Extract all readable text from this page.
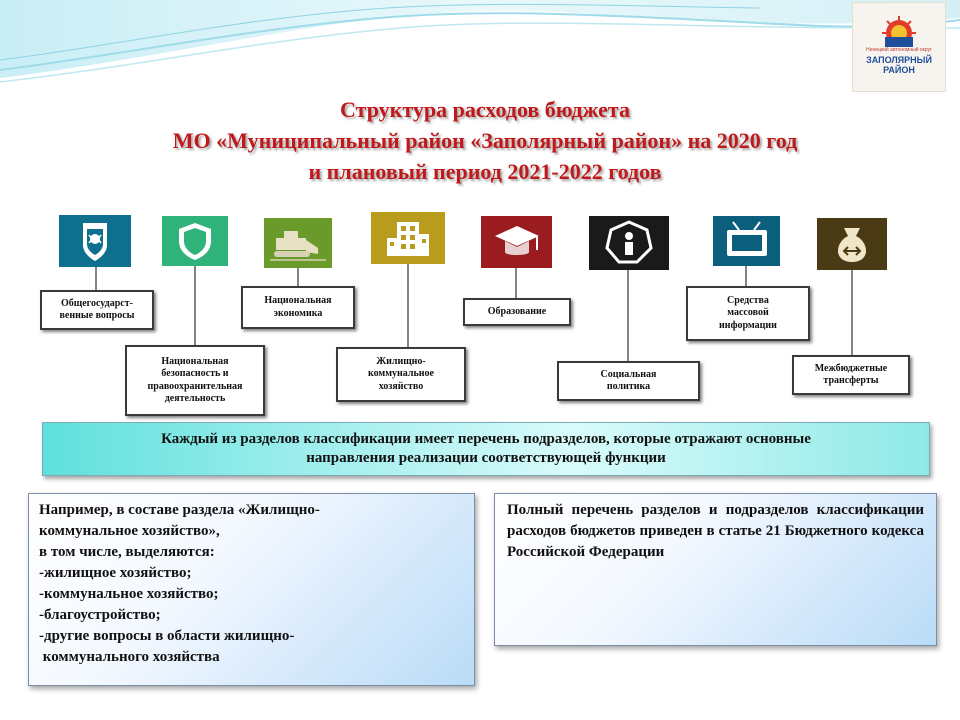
Ненецкий автономный округ
ЗАПОЛЯРНЫЙ
РАЙОН
Структура расходов бюджета
МО «Муниципальный район «Заполярный район» на 2020 год
и плановый период 2021-2022 годов
Общегосударст-
венные вопросы
Национальная
безопасность и
правоохранительная
деятельность
Национальная
экономика
Жилищно-
коммунальное
хозяйство
Образование
Социальная
политика
Средства
массовой
информации
Межбюджетные
трансферты
Каждый из разделов классификации имеет перечень подразделов, которые отражают основные
направления реализации соответствующей функции
Например, в составе раздела «Жилищно-
коммунальное хозяйство»,
в том числе, выделяются:
-жилищное хозяйство;
-коммунальное хозяйство;
-благоустройство;
-другие вопросы в области жилищно-
коммунального хозяйства
Полный перечень разделов и подразделов классификации расходов бюджетов приведен в статье 21 Бюджетного кодекса Российской Федерации
